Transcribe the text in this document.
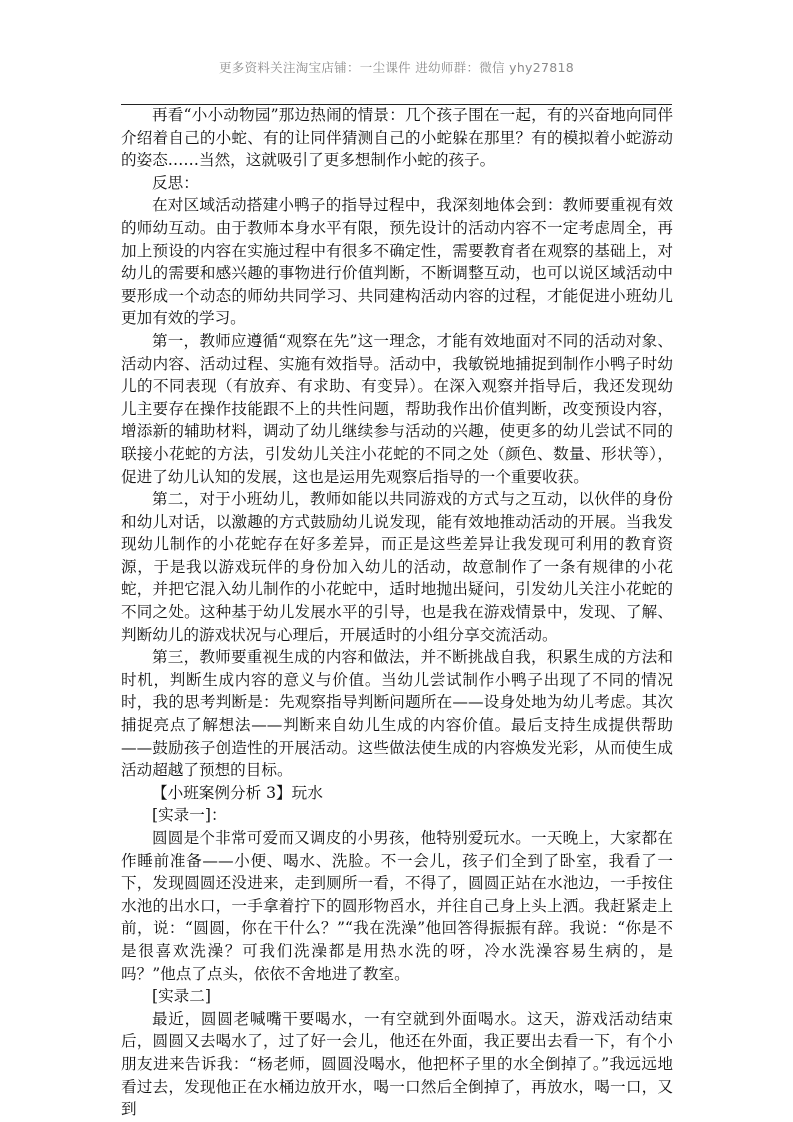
更多资料关注淘宝店铺：一尘课件 进幼师群：微信 yhy27818

再看“小小动物园”那边热闹的情景：几个孩子围在一起，有的兴奋地向同伴介绍着自己的小蛇、有的让同伴猜测自己的小蛇躲在那里？有的模拟着小蛇游动的姿态……当然，这就吸引了更多想制作小蛇的孩子。

反思：

在对区域活动搭建小鸭子的指导过程中，我深刻地体会到：教师要重视有效的师幼互动。由于教师本身水平有限，预先设计的活动内容不一定考虑周全，再加上预设的内容在实施过程中有很多不确定性，需要教育者在观察的基础上，对幼儿的需要和感兴趣的事物进行价值判断，不断调整互动，也可以说区域活动中要形成一个动态的师幼共同学习、共同建构活动内容的过程，才能促进小班幼儿更加有效的学习。

第一，教师应遵循“观察在先”这一理念，才能有效地面对不同的活动对象、活动内容、活动过程、实施有效指导。活动中，我敏锐地捕捉到制作小鸭子时幼儿的不同表现（有放弃、有求助、有变异）。在深入观察并指导后，我还发现幼儿主要存在操作技能跟不上的共性问题，帮助我作出价值判断，改变预设内容，增添新的辅助材料，调动了幼儿继续参与活动的兴趣，使更多的幼儿尝试不同的联接小花蛇的方法，引发幼儿关注小花蛇的不同之处（颜色、数量、形状等），促进了幼儿认知的发展，这也是运用先观察后指导的一个重要收获。

第二，对于小班幼儿，教师如能以共同游戏的方式与之互动，以伙伴的身份和幼儿对话，以激趣的方式鼓励幼儿说发现，能有效地推动活动的开展。当我发现幼儿制作的小花蛇存在好多差异，而正是这些差异让我发现可利用的教育资源，于是我以游戏玩伴的身份加入幼儿的活动，故意制作了一条有规律的小花蛇，并把它混入幼儿制作的小花蛇中，适时地抛出疑问，引发幼儿关注小花蛇的不同之处。这种基于幼儿发展水平的引导，也是我在游戏情景中，发现、了解、判断幼儿的游戏状况与心理后，开展适时的小组分享交流活动。

第三，教师要重视生成的内容和做法，并不断挑战自我，积累生成的方法和时机，判断生成内容的意义与价值。当幼儿尝试制作小鸭子出现了不同的情况时，我的思考判断是：先观察指导判断问题所在——设身处地为幼儿考虑。其次捕捉亮点了解想法——判断来自幼儿生成的内容价值。最后支持生成提供帮助——鼓励孩子创造性的开展活动。这些做法使生成的内容焕发光彩，从而使生成活动超越了预想的目标。

【小班案例分析 3】玩水

[实录一]：

圆圆是个非常可爱而又调皮的小男孩，他特别爱玩水。一天晚上，大家都在作睡前准备——小便、喝水、洗脸。不一会儿，孩子们全到了卧室，我看了一下，发现圆圆还没进来，走到厕所一看，不得了，圆圆正站在水池边，一手按住水池的出水口，一手拿着拧下的圆形物舀水，并往自己身上头上洒。我赶紧走上前，说：“圆圆，你在干什么？”“我在洗澡”他回答得振振有辞。我说：“你是不是很喜欢洗澡？可我们洗澡都是用热水洗的呀，冷水洗澡容易生病的，是吗？”他点了点头，依依不舍地进了教室。

[实录二]

最近，圆圆老喊嘴干要喝水，一有空就到外面喝水。这天，游戏活动结束后，圆圆又去喝水了，过了好一会儿，他还在外面，我正要出去看一下，有个小朋友进来告诉我：“杨老师，圆圆没喝水，他把杯子里的水全倒掉了。”我远远地看过去，发现他正在水桶边放开水，喝一口然后全倒掉了，再放水，喝一口，又到
